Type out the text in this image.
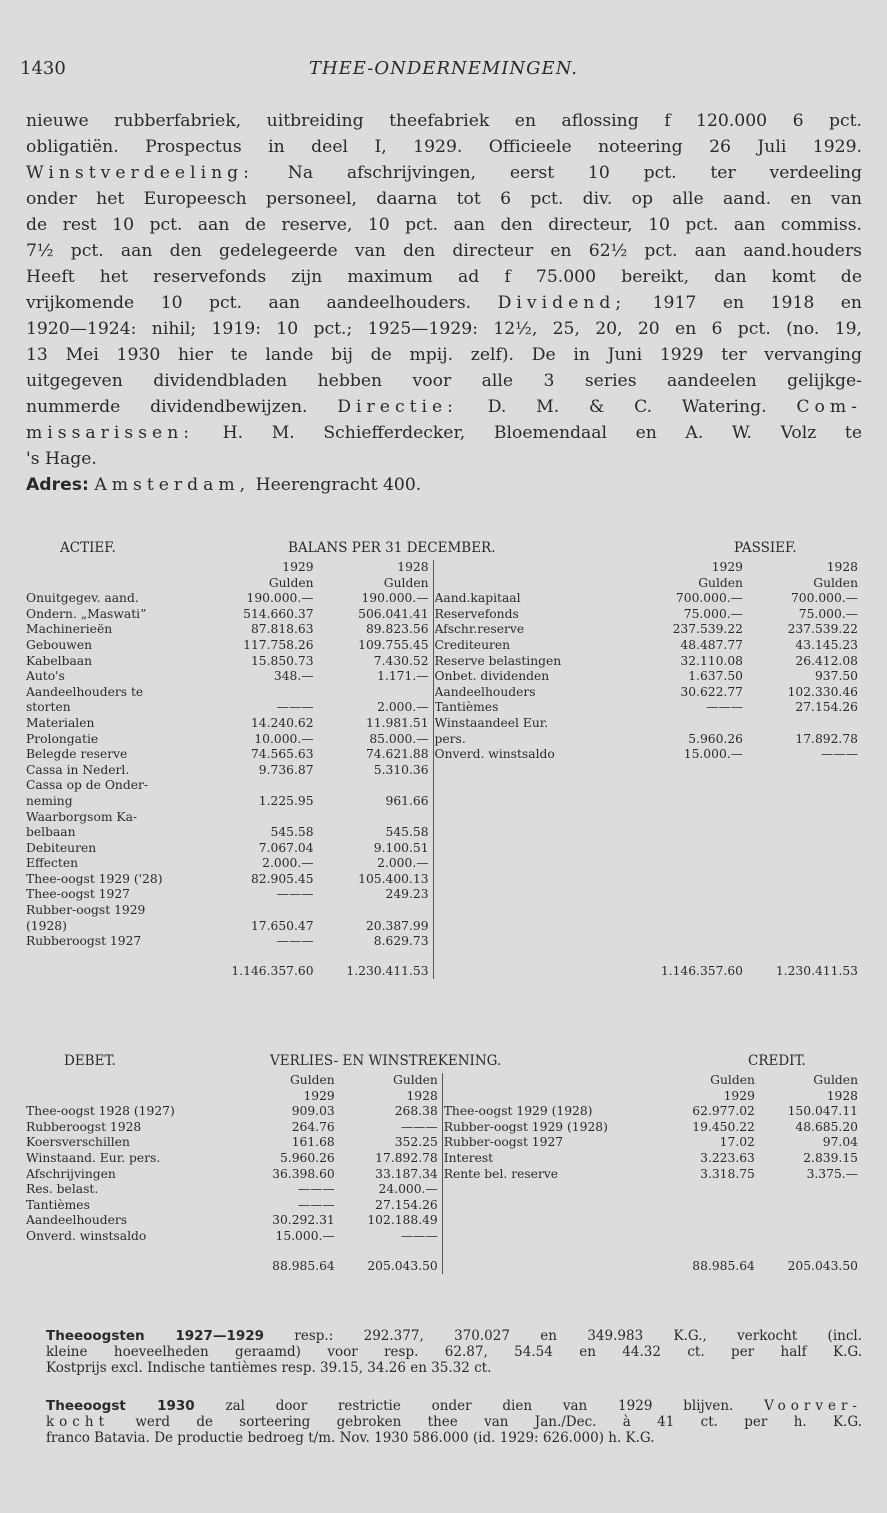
1430	THEE-ONDERNEMINGEN.
nieuwe rubberfabriek, uitbreiding theefabriek en aflossing f 120.000 6 pct.
obligatiën. Prospectus in deel I, 1929. Officieele noteering 26 Juli 1929.
Winstverdeeling: Na afschrijvingen, eerst 10 pct. ter verdeeling
onder het Europeesch personeel, daarna tot 6 pct. div. op alle aand. en van
de rest 10 pct. aan de reserve, 10 pct. aan den directeur, 10 pct. aan commiss.
7½ pct. aan den gedelegeerde van den directeur en 62½ pct. aan aand.houders
Heeft het reservefonds zijn maximum ad f 75.000 bereikt, dan komt de
vrijkomende 10 pct. aan aandeelhouders. Dividend; 1917 en 1918 en
1920—1924: nihil; 1919: 10 pct.; 1925—1929: 12½, 25, 20, 20 en 6 pct. (no. 19,
13 Mei 1930 hier te lande bij de mpij. zelf). De in Juni 1929 ter vervanging
uitgegeven dividendbladen hebben voor alle 3 series aandeelen gelijkge-
nummerde dividendbewijzen. Directie: D. M. & C. Watering. Com-
missarissen: H. M. Schiefferdecker, Bloemendaal en A. W. Volz te
's Hage.
Adres: Amsterdam, Heerengracht 400.
ACTIEF.	BALANS PER 31 DECEMBER.	PASSIEF.
	1929	1928			1929	1928
	Gulden	Gulden			Gulden	Gulden
Onuitgegev. aand.	190.000.—	190.000.—		Aand.kapitaal	700.000.—	700.000.—
Ondern. „Maswati”	514.660.37	506.041.41		Reservefonds	75.000.—	75.000.—
Machinerieën	87.818.63	89.823.56		Afschr.reserve	237.539.22	237.539.22
Gebouwen	117.758.26	109.755.45		Crediteuren	48.487.77	43.145.23
Kabelbaan	15.850.73	7.430.52		Reserve belastingen	32.110.08	26.412.08
Auto's	348.—	1.171.—		Onbet. dividenden	1.637.50	937.50
Aandeelhouders te				Aandeelhouders	30.622.77	102.330.46
storten	———	2.000.—		Tantièmes	———	27.154.26
Materialen	14.240.62	11.981.51		Winstaandeel Eur.		
Prolongatie	10.000.—	85.000.—		pers.	5.960.26	17.892.78
Belegde reserve	74.565.63	74.621.88		Onverd. winstsaldo	15.000.—	———
Cassa in Nederl.	9.736.87	5.310.36				
Cassa op de Onder-						
neming	1.225.95	961.66				
Waarborgsom Ka-						
belbaan	545.58	545.58				
Debiteuren	7.067.04	9.100.51				
Effecten	2.000.—	2.000.—				
Thee-oogst 1929 ('28)	82.905.45	105.400.13				
Thee-oogst 1927	———	249.23				
Rubber-oogst 1929						
(1928)	17.650.47	20.387.99				
Rubberoogst 1927	———	8.629.73				
	1.146.357.60	1.230.411.53			1.146.357.60	1.230.411.53
DEBET.	VERLIES- EN WINSTREKENING.	CREDIT.
	Gulden	Gulden			Gulden	Gulden
	1929	1928			1929	1928
Thee-oogst 1928 (1927)	909.03	268.38		Thee-oogst 1929 (1928)	62.977.02	150.047.11
Rubberoogst 1928	264.76	———		Rubber-oogst 1929 (1928)	19.450.22	48.685.20
Koersverschillen	161.68	352.25		Rubber-oogst 1927	17.02	97.04
Winstaand. Eur. pers.	5.960.26	17.892.78		Interest	3.223.63	2.839.15
Afschrijvingen	36.398.60	33.187.34		Rente bel. reserve	3.318.75	3.375.—
Res. belast.	———	24.000.—				
Tantièmes	———	27.154.26				
Aandeelhouders	30.292.31	102.188.49				
Onverd. winstsaldo	15.000.—	———				
	88.985.64	205.043.50			88.985.64	205.043.50
Theeoogsten 1927—1929 resp.: 292.377, 370.027 en 349.983 K.G., verkocht (incl.
kleine hoeveelheden geraamd) voor resp. 62.87, 54.54 en 44.32 ct. per half K.G.
Kostprijs excl. Indische tantièmes resp. 39.15, 34.26 en 35.32 ct.
Theeoogst 1930 zal door restrictie onder dien van 1929 blijven. Voorver-
kocht werd de sorteering gebroken thee van Jan./Dec. à 41 ct. per h. K.G.
franco Batavia. De productie bedroeg t/m. Nov. 1930 586.000 (id. 1929: 626.000) h. K.G.
